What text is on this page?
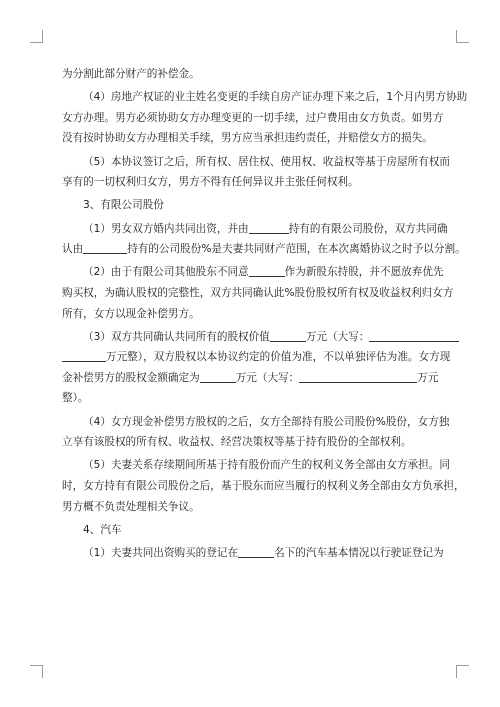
为分割此部分财产的补偿金。
（4）房地产权证的业主姓名变更的手续自房产证办理下来之后，1个月内男方协助
女方办理。男方必须协助女方办理变更的一切手续，过户费用由女方负责。如男方
没有按时协助女方办理相关手续，男方应当承担违约责任，并赔偿女方的损失。
（5）本协议签订之后，所有权、居住权、使用权、收益权等基于房屋所有权而
享有的一切权利归女方，男方不得有任何异议并主张任何权利。
3、有限公司股份
（1）男女双方婚内共同出资，并由	持有的有限公司股份，双方共同确
认由	持有的公司股份%是夫妻共同财产范围，在本次离婚协议之时予以分割。
（2）由于有限公司其他股东不同意	作为新股东持股，并不愿放弃优先
购买权，为确认股权的完整性，双方共同确认此%股份股权所有权及收益权利归女方
所有，女方以现金补偿男方。
（3）双方共同确认共同所有的股权价值	万元（大写：
万元整），双方股权以本协议约定的价值为准，不以单独评估为准。女方现
金补偿男方的股权金额确定为	万元（大写：	万元
整）。
（4）女方现金补偿男方股权的之后，女方全部持有股公司股份%股份，女方独
立享有该股权的所有权、收益权、经营决策权等基于持有股份的全部权利。
（5）夫妻关系存续期间所基于持有股份而产生的权利义务全部由女方承担。同
时，女方持有有限公司股份之后，基于股东而应当履行的权利义务全部由女方负承担，
男方概不负责处理相关争议。
4、汽车
（1）夫妻共同出资购买的登记在	名下的汽车基本情况以行驶证登记为
